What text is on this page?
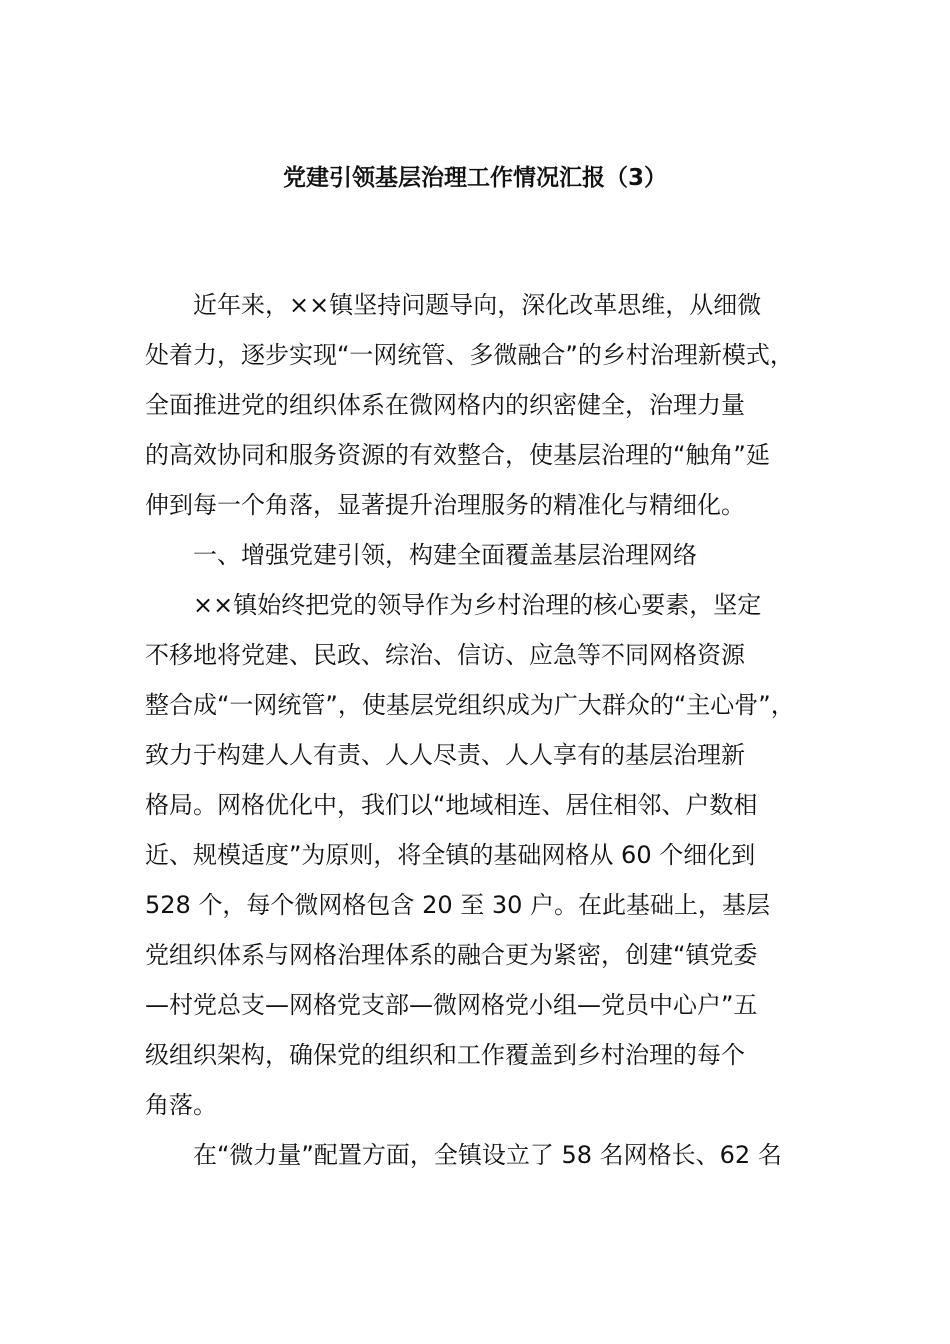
党建引领基层治理工作情况汇报（3）
近年来，××镇坚持问题导向，深化改革思维，从细微
处着力，逐步实现“一网统管、多微融合”的乡村治理新模式，
全面推进党的组织体系在微网格内的织密健全，治理力量
的高效协同和服务资源的有效整合，使基层治理的“触角”延
伸到每一个角落，显著提升治理服务的精准化与精细化。
一、增强党建引领，构建全面覆盖基层治理网络
××镇始终把党的领导作为乡村治理的核心要素，坚定
不移地将党建、民政、综治、信访、应急等不同网格资源
整合成“一网统管”，使基层党组织成为广大群众的“主心骨”，
致力于构建人人有责、人人尽责、人人享有的基层治理新
格局。网格优化中，我们以“地域相连、居住相邻、户数相
近、规模适度”为原则，将全镇的基础网格从 60 个细化到
528 个，每个微网格包含 20 至 30 户。在此基础上，基层
党组织体系与网格治理体系的融合更为紧密，创建“镇党委
—村党总支—网格党支部—微网格党小组—党员中心户”五
级组织架构，确保党的组织和工作覆盖到乡村治理的每个
角落。
在“微力量”配置方面，全镇设立了 58 名网格长、62 名
